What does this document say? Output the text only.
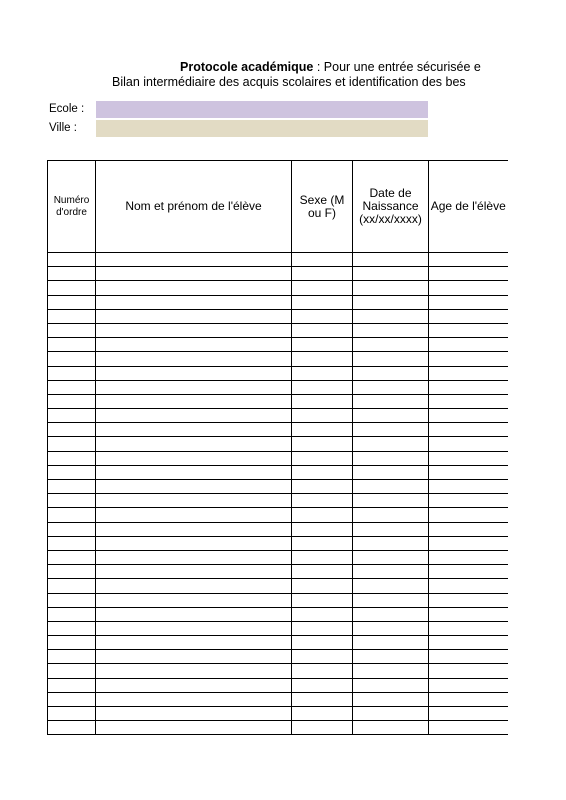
Protocole académique : Pour une entrée sécurisée e
Bilan intermédiaire des acquis scolaires et identification des bes
Ecole :
Ville :
Numéro d'ordre	Nom et prénom de l'élève	Sexe (M ou F)	Date de Naissance (xx/xx/xxxx)	Age de l'élève
